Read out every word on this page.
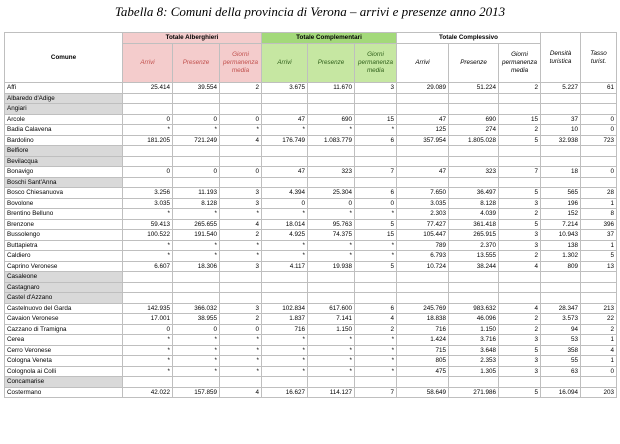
Tabella 8: Comuni della provincia di Verona – arrivi e presenze anno 2013
Comune	Totale Alberghieri			Totale Complementari			Totale Complessivo			Densità turistica	Tasso turist.
	Arrivi	Presenze	Giorni permanenza media	Arrivi	Presenze	Giorni permanenza media	Arrivi	Presenze	Giorni permanenza media		
Affi	25.414	39.554	2	3.675	11.670	3	29.089	51.224	2	5.227	61
Albaredo d'Adige											
Angiari											
Arcole	0	0	0	47	690	15	47	690	15	37	0
Badia Calavena	*	*	*	*	*	*	125	274	2	10	0
Bardolino	181.205	721.249	4	176.749	1.083.779	6	357.954	1.805.028	5	32.938	723
Belfiore											
Bevilacqua											
Bonavigo	0	0	0	47	323	7	47	323	7	18	0
Boschi Sant'Anna											
Bosco Chiesanuova	3.256	11.193	3	4.394	25.304	6	7.650	36.497	5	565	28
Bovolone	3.035	8.128	3	0	0	0	3.035	8.128	3	196	1
Brentino Belluno	*	*	*	*	*	*	2.303	4.039	2	152	8
Brenzone	59.413	265.655	4	18.014	95.763	5	77.427	361.418	5	7.214	396
Bussolengo	100.522	191.540	2	4.925	74.375	15	105.447	265.915	3	10.943	37
Buttapietra	*	*	*	*	*	*	789	2.370	3	138	1
Caldiero	*	*	*	*	*	*	6.793	13.555	2	1.302	5
Caprino Veronese	6.607	18.306	3	4.117	19.938	5	10.724	38.244	4	809	13
Casaleone											
Castagnaro											
Castel d'Azzano											
Castelnuovo del Garda	142.935	366.032	3	102.834	617.600	6	245.769	983.632	4	28.347	213
Cavaion Veronese	17.001	38.955	2	1.837	7.141	4	18.838	46.096	2	3.573	22
Cazzano di Tramigna	0	0	0	716	1.150	2	716	1.150	2	94	2
Cerea	*	*	*	*	*	*	1.424	3.716	3	53	1
Cerro Veronese	*	*	*	*	*	*	715	3.648	5	358	4
Cologna Veneta	*	*	*	*	*	*	805	2.353	3	55	1
Colognola ai Colli	*	*	*	*	*	*	475	1.305	3	63	0
Concamarise											
Costermano	42.022	157.859	4	16.627	114.127	7	58.649	271.986	5	16.094	203
